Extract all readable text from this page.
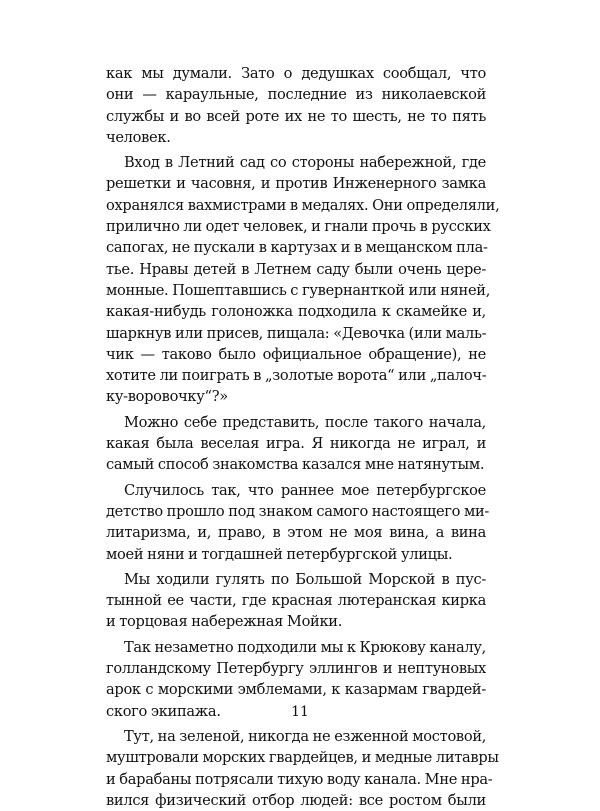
как мы думали. Зато о дедушках сообщал, что
они — караульные, последние из николаевской
службы и во всей роте их не то шесть, не то пять
человек.

Вход в Летний сад со стороны набережной, где
решетки и часовня, и против Инженерного замка
охранялся вахмистрами в медалях. Они определяли,
прилично ли одет человек, и гнали прочь в русских
сапогах, не пускали в картузах и в мещанском пла-
тье. Нравы детей в Летнем саду были очень цере-
монные. Пошептавшись с гувернанткой или няней,
какая-нибудь голоножка подходила к скамейке и,
шаркнув или присев, пищала: «Девочка (или маль-
чик — таково было официальное обращение), не
хотите ли поиграть в „золотые ворота“ или „палоч-
ку-воровочку“?»

Можно себе представить, после такого начала,
какая была веселая игра. Я никогда не играл, и
самый способ знакомства казался мне натянутым.

Случилось так, что раннее мое петербургское
детство прошло под знаком самого настоящего ми-
литаризма, и, право, в этом не моя вина, а вина
моей няни и тогдашней петербургской улицы.

Мы ходили гулять по Большой Морской в пус-
тынной ее части, где красная лютеранская кирка
и торцовая набережная Мойки.

Так незаметно подходили мы к Крюкову каналу,
голландскому Петербургу эллингов и нептуновых
арок с морскими эмблемами, к казармам гвардей-
ского экипажа.

Тут, на зеленой, никогда не езженной мостовой,
муштровали морских гвардейцев, и медные литавры
и барабаны потрясали тихую воду канала. Мне нра-
вился физический отбор людей: все ростом были

11
